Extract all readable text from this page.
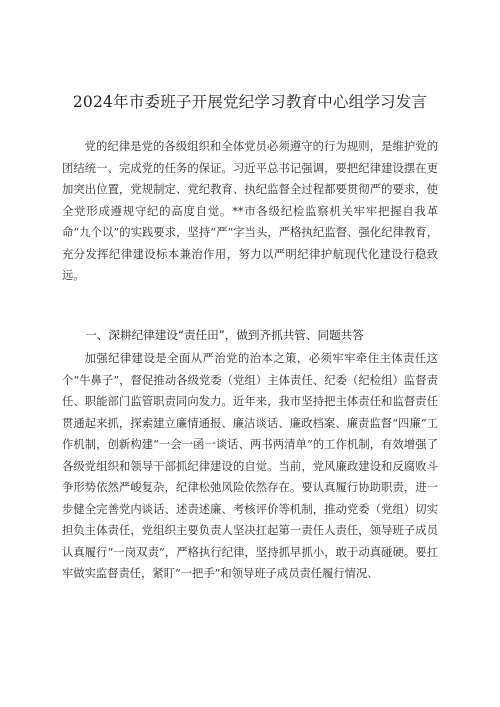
2024年市委班子开展党纪学习教育中心组学习发言
党的纪律是党的各级组织和全体党员必须遵守的行为规则，是维护党的团结统一、完成党的任务的保证。习近平总书记强调，要把纪律建设摆在更加突出位置，党规制定、党纪教育、执纪监督全过程都要贯彻严的要求，使全党形成遵规守纪的高度自觉。**市各级纪检监察机关牢牢把握自我革命“九个以”的实践要求，坚持“严”字当头，严格执纪监督、强化纪律教育，充分发挥纪律建设标本兼治作用，努力以严明纪律护航现代化建设行稳致远。
一、深耕纪律建设“责任田”，做到齐抓共管、同题共答
加强纪律建设是全面从严治党的治本之策，必须牢牢牵住主体责任这个“牛鼻子”，督促推动各级党委（党组）主体责任、纪委（纪检组）监督责任、职能部门监管职责同向发力。近年来，我市坚持把主体责任和监督责任贯通起来抓，探索建立廉情通报、廉洁谈话、廉政档案、廉责监督“四廉”工作机制，创新构建“一会一函一谈话、两书两清单”的工作机制，有效增强了各级党组织和领导干部抓纪律建设的自觉。当前，党风廉政建设和反腐败斗争形势依然严峻复杂，纪律松弛风险依然存在。要认真履行协助职责，进一步健全完善党内谈话、述责述廉、考核评价等机制，推动党委（党组）切实担负主体责任，党组织主要负责人坚决扛起第一责任人责任，领导班子成员认真履行“一岗双责”，严格执行纪律，坚持抓早抓小，敢于动真碰硬。要扛牢做实监督责任，紧盯“一把手”和领导班子成员责任履行情况、
